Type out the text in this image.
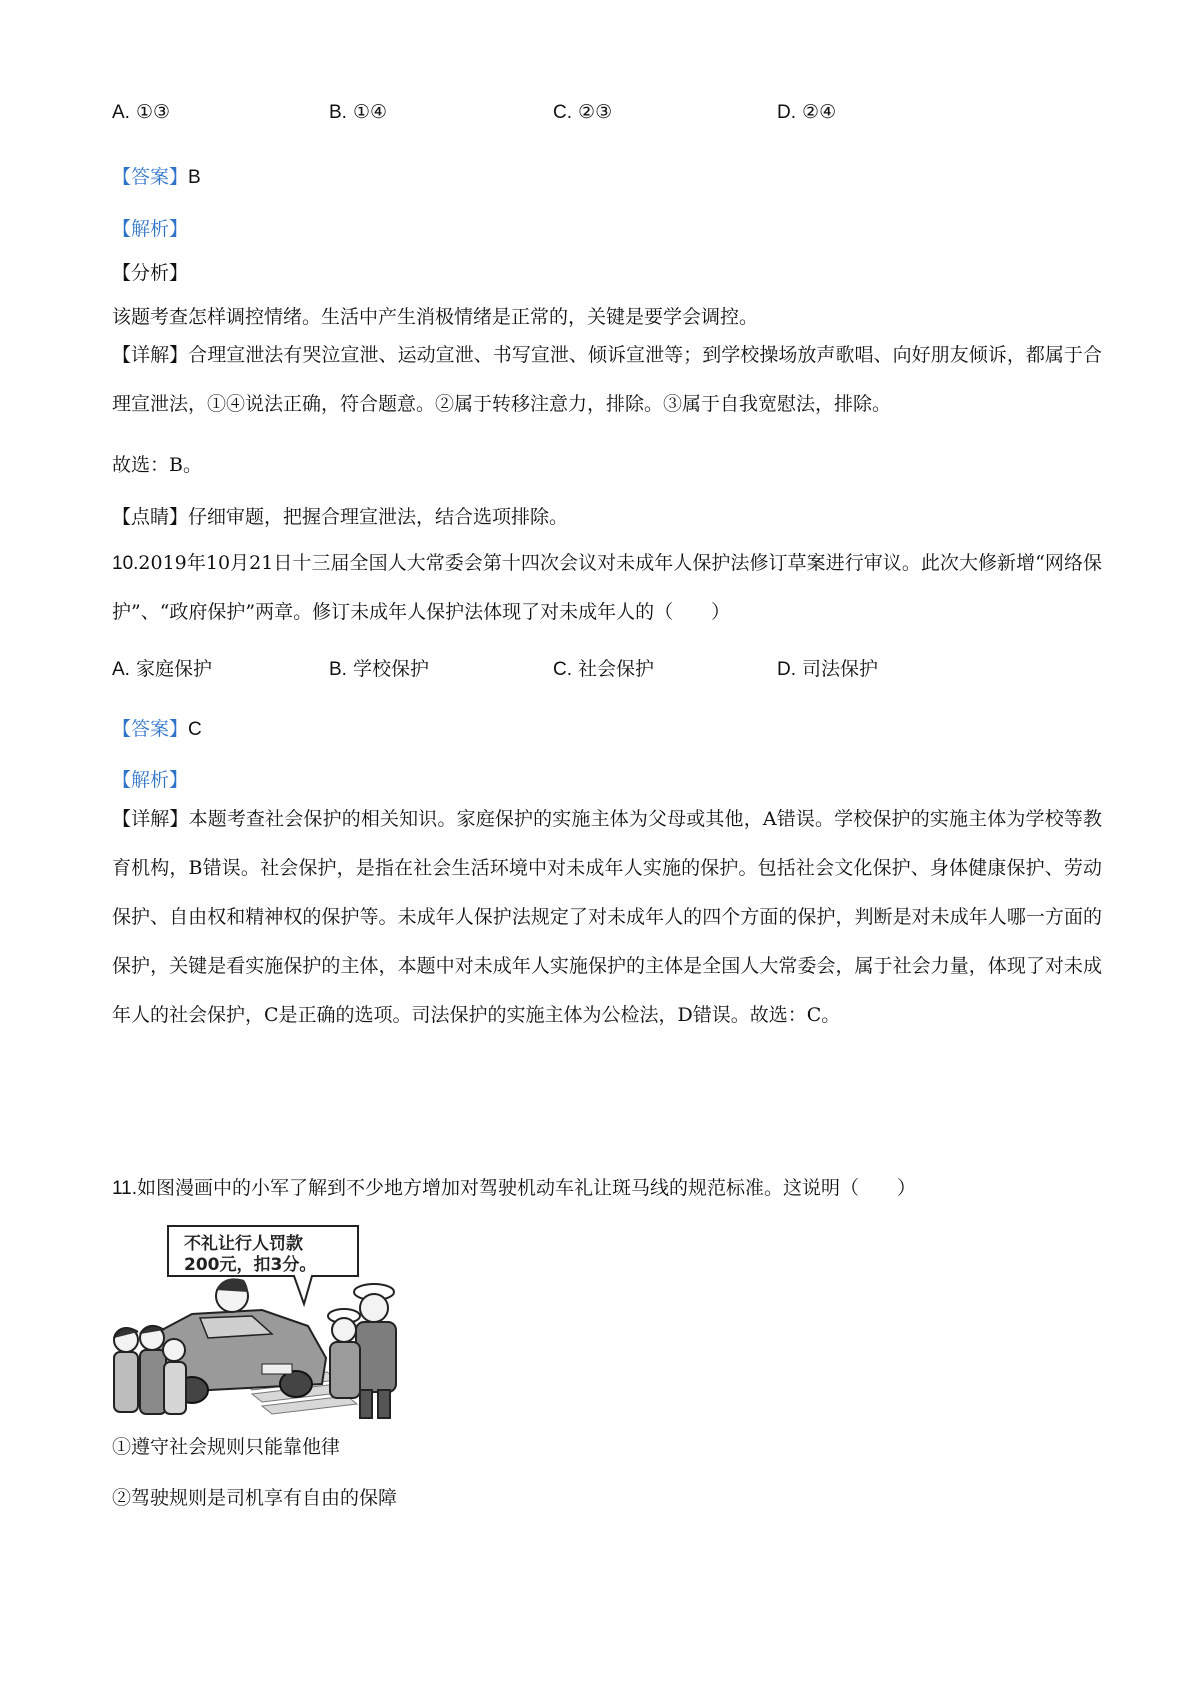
A. ①③	B. ①④	C. ②③	D. ②④
【答案】B
【解析】
【分析】
该题考查怎样调控情绪。生活中产生消极情绪是正常的，关键是要学会调控。
【详解】合理宣泄法有哭泣宣泄、运动宣泄、书写宣泄、倾诉宣泄等；到学校操场放声歌唱、向好朋友倾诉，都属于合理宣泄法，①④说法正确，符合题意。②属于转移注意力，排除。③属于自我宽慰法，排除。
故选：B。
【点睛】仔细审题，把握合理宣泄法，结合选项排除。
10.2019年10月21日十三届全国人大常委会第十四次会议对未成年人保护法修订草案进行审议。此次大修新增“网络保护”、“政府保护”两章。修订未成年人保护法体现了对未成年人的（　　）
A. 家庭保护	B. 学校保护	C. 社会保护	D. 司法保护
【答案】C
【解析】
【详解】本题考查社会保护的相关知识。家庭保护的实施主体为父母或其他，A错误。学校保护的实施主体为学校等教育机构，B错误。社会保护，是指在社会生活环境中对未成年人实施的保护。包括社会文化保护、身体健康保护、劳动保护、自由权和精神权的保护等。未成年人保护法规定了对未成年人的四个方面的保护，判断是对未成年人哪一方面的保护，关键是看实施保护的主体，本题中对未成年人实施保护的主体是全国人大常委会，属于社会力量，体现了对未成年人的社会保护，C是正确的选项。司法保护的实施主体为公检法，D错误。故选：C。
11.如图漫画中的小军了解到不少地方增加对驾驶机动车礼让斑马线的规范标准。这说明（　　）
不礼让行人罚款
200元，扣3分。
①遵守社会规则只能靠他律
②驾驶规则是司机享有自由的保障
